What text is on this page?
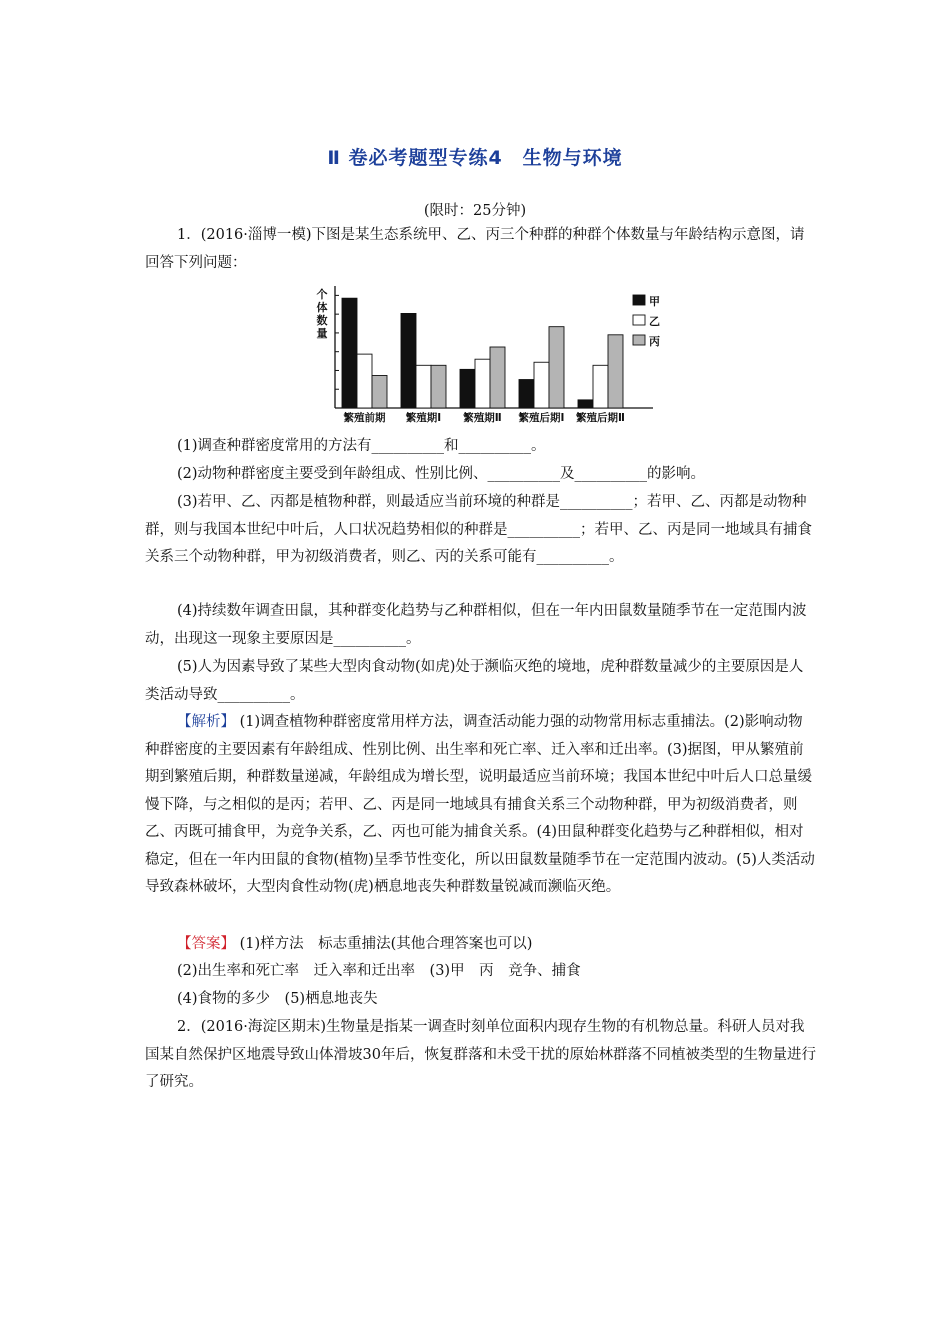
Ⅱ 卷必考题型专练4　生物与环境
(限时：25分钟)
1．(2016·淄博一模)下图是某生态系统甲、乙、丙三个种群的种群个体数量与年龄结构示意图，请回答下列问题：
个
体
数
量
繁殖前期 繁殖期Ⅰ 繁殖期Ⅱ 繁殖后期Ⅰ 繁殖后期Ⅱ
甲
乙
丙
(1)调查种群密度常用的方法有__________和__________。
(2)动物种群密度主要受到年龄组成、性别比例、__________及__________的影响。
(3)若甲、乙、丙都是植物种群，则最适应当前环境的种群是__________；若甲、乙、丙都是动物种群，则与我国本世纪中叶后，人口状况趋势相似的种群是__________；若甲、乙、丙是同一地域具有捕食关系三个动物种群，甲为初级消费者，则乙、丙的关系可能有__________。
(4)持续数年调查田鼠，其种群变化趋势与乙种群相似，但在一年内田鼠数量随季节在一定范围内波动，出现这一现象主要原因是__________。
(5)人为因素导致了某些大型肉食动物(如虎)处于濒临灭绝的境地，虎种群数量减少的主要原因是人类活动导致__________。
【解析】 (1)调查植物种群密度常用样方法，调查活动能力强的动物常用标志重捕法。(2)影响动物种群密度的主要因素有年龄组成、性别比例、出生率和死亡率、迁入率和迁出率。(3)据图，甲从繁殖前期到繁殖后期，种群数量递减，年龄组成为增长型，说明最适应当前环境；我国本世纪中叶后人口总量缓慢下降，与之相似的是丙；若甲、乙、丙是同一地域具有捕食关系三个动物种群，甲为初级消费者，则乙、丙既可捕食甲，为竞争关系，乙、丙也可能为捕食关系。(4)田鼠种群变化趋势与乙种群相似，相对稳定，但在一年内田鼠的食物(植物)呈季节性变化，所以田鼠数量随季节在一定范围内波动。(5)人类活动导致森林破坏，大型肉食性动物(虎)栖息地丧失种群数量锐减而濒临灭绝。
【答案】 (1)样方法　标志重捕法(其他合理答案也可以)
(2)出生率和死亡率　迁入率和迁出率　(3)甲　丙　竞争、捕食
(4)食物的多少　(5)栖息地丧失
2．(2016·海淀区期末)生物量是指某一调查时刻单位面积内现存生物的有机物总量。科研人员对我国某自然保护区地震导致山体滑坡30年后，恢复群落和未受干扰的原始林群落不同植被类型的生物量进行了研究。
